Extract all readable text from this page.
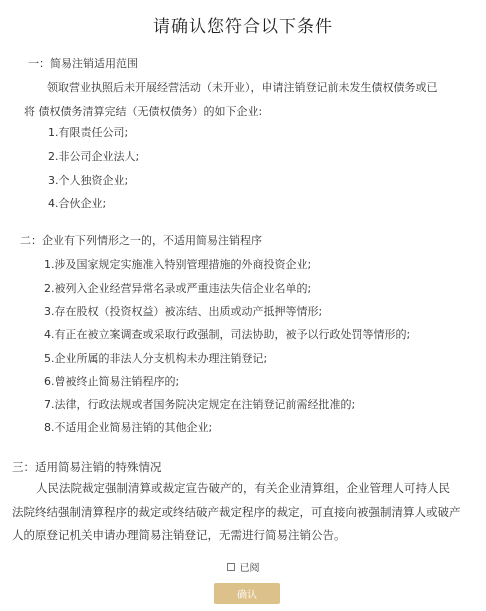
请确认您符合以下条件
一：简易注销适用范围
领取营业执照后未开展经营活动（未开业），申请注销登记前未发生债权债务或已
将 债权债务清算完结（无债权债务）的如下企业:
1.有限责任公司;
2.非公司企业法人;
3.个人独资企业;
4.合伙企业;
二：企业有下列情形之一的，不适用简易注销程序
1.涉及国家规定实施准入特别管理措施的外商投资企业;
2.被列入企业经营异常名录或严重违法失信企业名单的;
3.存在股权（投资权益）被冻结、出质或动产抵押等情形;
4.有正在被立案调查或采取行政强制，司法协助，被予以行政处罚等情形的;
5.企业所属的非法人分支机构未办理注销登记;
6.曾被终止简易注销程序的;
7.法律，行政法规或者国务院决定规定在注销登记前需经批准的;
8.不适用企业简易注销的其他企业;
三：适用简易注销的特殊情况
人民法院裁定强制清算或裁定宣告破产的，有关企业清算组，企业管理人可持人民
法院终结强制清算程序的裁定或终结破产裁定程序的裁定，可直接向被强制清算人或破产
人的原登记机关申请办理简易注销登记，无需进行简易注销公告。
已阅
确认
